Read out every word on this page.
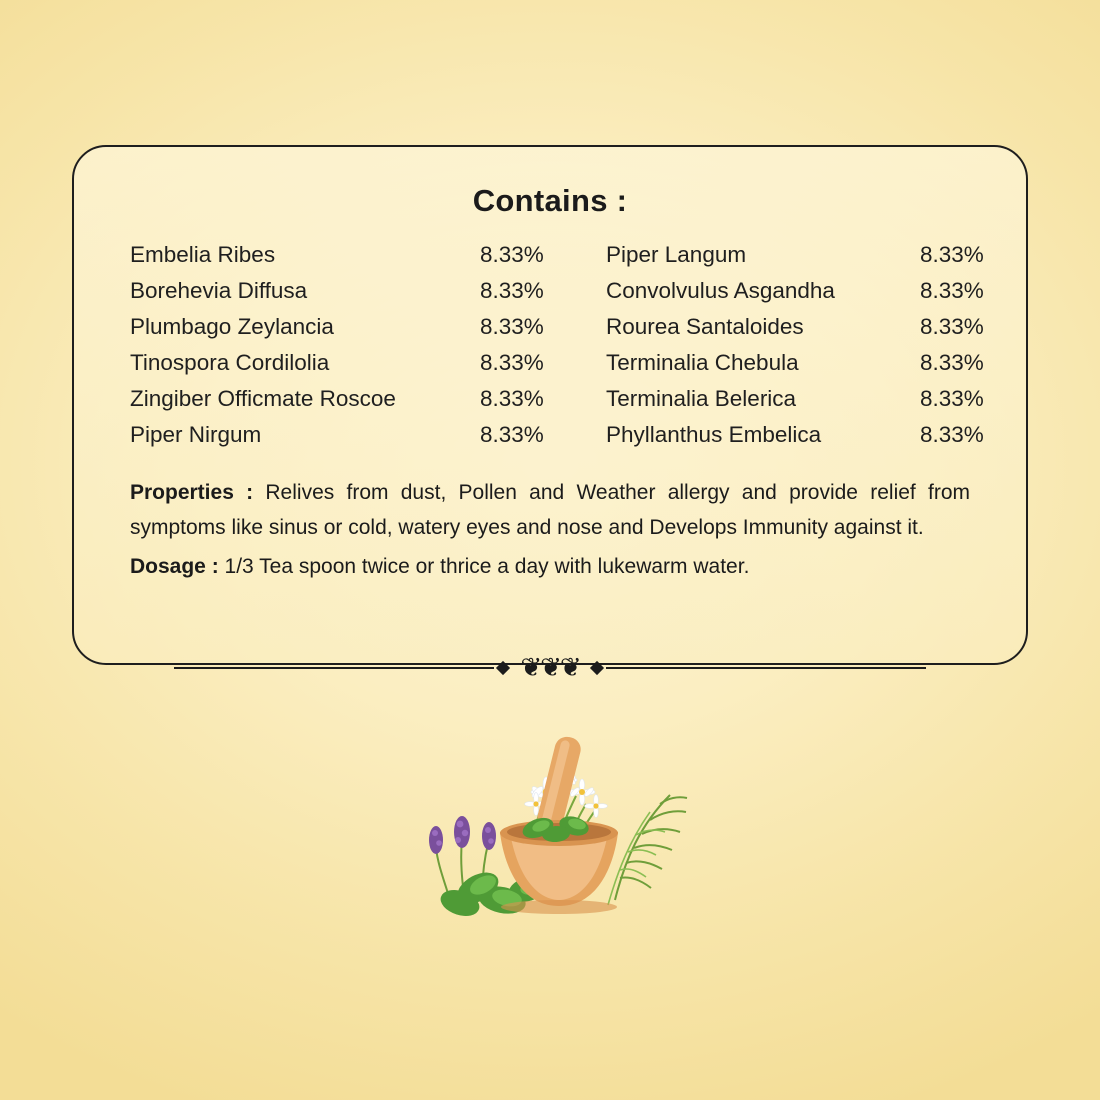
Contains :
Embelia Ribes	8.33%	Piper Langum	8.33%
Borehevia Diffusa	8.33%	Convolvulus Asgandha	8.33%
Plumbago Zeylancia	8.33%	Rourea Santaloides	8.33%
Tinospora Cordilolia	8.33%	Terminalia Chebula	8.33%
Zingiber Officmate Roscoe	8.33%	Terminalia Belerica	8.33%
Piper Nirgum	8.33%	Phyllanthus Embelica	8.33%
Properties : Relives from dust, Pollen and Weather allergy and provide relief from symptoms like sinus or cold, watery eyes and nose and Develops Immunity against it.
Dosage : 1/3 Tea spoon twice or thrice a day with lukewarm water.
❦❦❦
